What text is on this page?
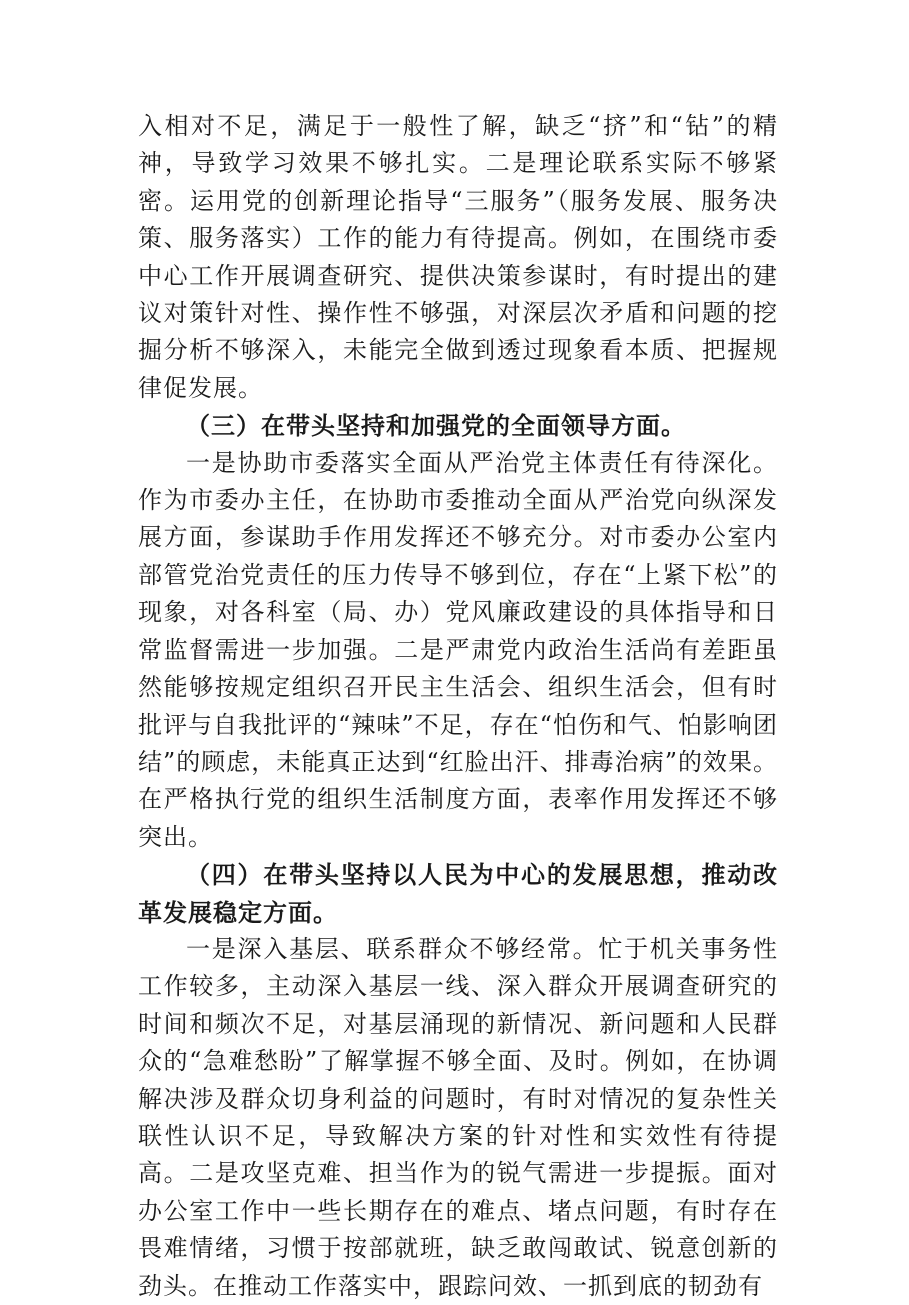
入相对不足，满足于一般性了解，缺乏“挤”和“钻”的精神，导致学习效果不够扎实。二是理论联系实际不够紧密。运用党的创新理论指导“三服务”（服务发展、服务决策、服务落实）工作的能力有待提高。例如，在围绕市委中心工作开展调查研究、提供决策参谋时，有时提出的建议对策针对性、操作性不够强，对深层次矛盾和问题的挖掘分析不够深入，未能完全做到透过现象看本质、把握规律促发展。

（三）在带头坚持和加强党的全面领导方面。

一是协助市委落实全面从严治党主体责任有待深化。作为市委办主任，在协助市委推动全面从严治党向纵深发展方面，参谋助手作用发挥还不够充分。对市委办公室内部管党治党责任的压力传导不够到位，存在“上紧下松”的现象，对各科室（局、办）党风廉政建设的具体指导和日常监督需进一步加强。二是严肃党内政治生活尚有差距虽然能够按规定组织召开民主生活会、组织生活会，但有时批评与自我批评的“辣味”不足，存在“怕伤和气、怕影响团结”的顾虑，未能真正达到“红脸出汗、排毒治病”的效果。在严格执行党的组织生活制度方面，表率作用发挥还不够突出。

（四）在带头坚持以人民为中心的发展思想，推动改革发展稳定方面。

一是深入基层、联系群众不够经常。忙于机关事务性工作较多，主动深入基层一线、深入群众开展调查研究的时间和频次不足，对基层涌现的新情况、新问题和人民群众的“急难愁盼”了解掌握不够全面、及时。例如，在协调解决涉及群众切身利益的问题时，有时对情况的复杂性关联性认识不足，导致解决方案的针对性和实效性有待提高。二是攻坚克难、担当作为的锐气需进一步提振。面对办公室工作中一些长期存在的难点、堵点问题，有时存在畏难情绪，习惯于按部就班，缺乏敢闯敢试、锐意创新的劲头。在推动工作落实中，跟踪问效、一抓到底的韧劲有
